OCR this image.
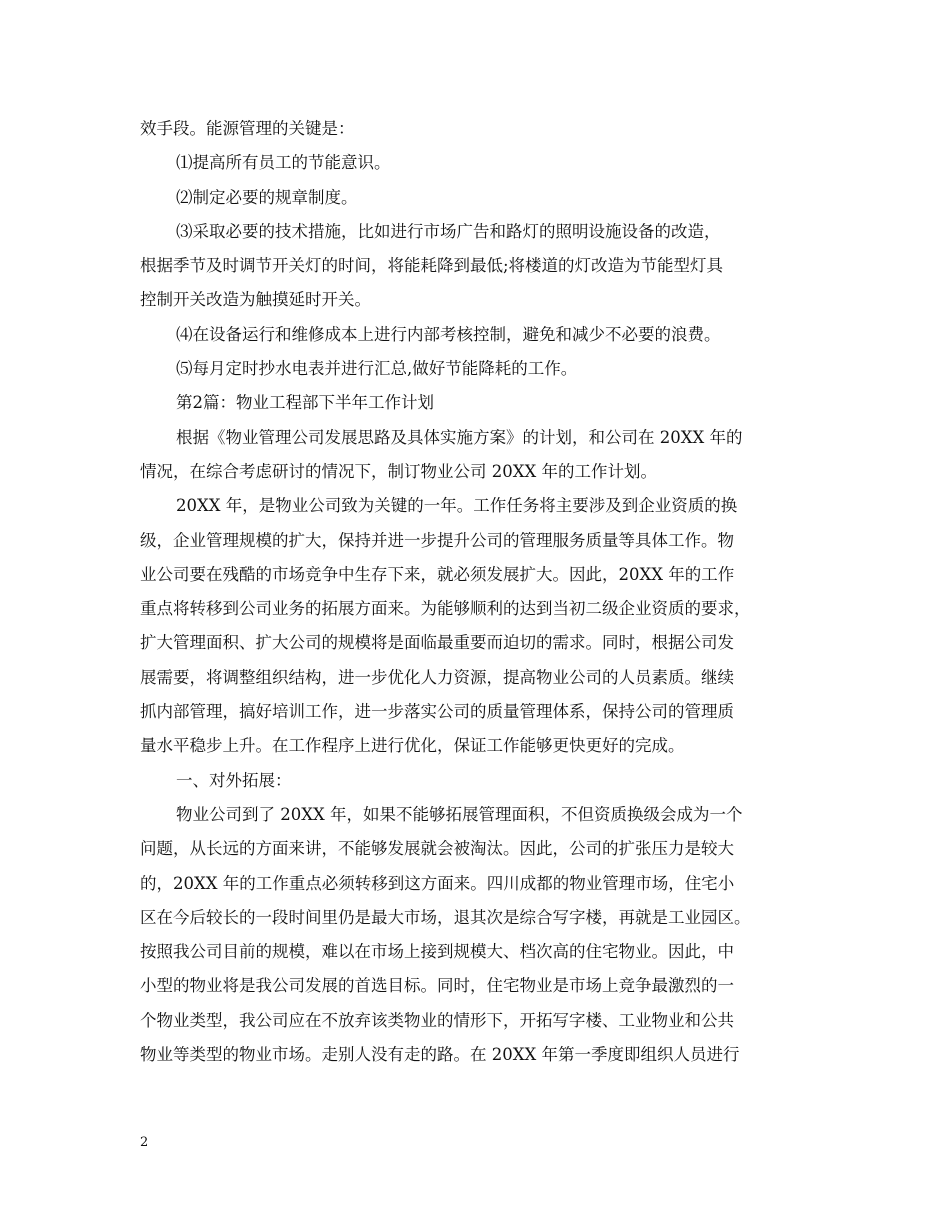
效手段。能源管理的关键是：
⑴提高所有员工的节能意识。
⑵制定必要的规章制度。
⑶采取必要的技术措施，比如进行市场广告和路灯的照明设施设备的改造，
根据季节及时调节开关灯的时间，将能耗降到最低;将楼道的灯改造为节能型灯具
控制开关改造为触摸延时开关。
⑷在设备运行和维修成本上进行内部考核控制，避免和减少不必要的浪费。
⑸每月定时抄水电表并进行汇总,做好节能降耗的工作。
第2篇：物业工程部下半年工作计划
根据《物业管理公司发展思路及具体实施方案》的计划，和公司在 20XX 年的
情况，在综合考虑研讨的情况下，制订物业公司 20XX 年的工作计划。
20XX 年，是物业公司致为关键的一年。工作任务将主要涉及到企业资质的换
级，企业管理规模的扩大，保持并进一步提升公司的管理服务质量等具体工作。物
业公司要在残酷的市场竞争中生存下来，就必须发展扩大。因此，20XX 年的工作
重点将转移到公司业务的拓展方面来。为能够顺利的达到当初二级企业资质的要求，
扩大管理面积、扩大公司的规模将是面临最重要而迫切的需求。同时，根据公司发
展需要，将调整组织结构，进一步优化人力资源，提高物业公司的人员素质。继续
抓内部管理，搞好培训工作，进一步落实公司的质量管理体系，保持公司的管理质
量水平稳步上升。在工作程序上进行优化，保证工作能够更快更好的完成。
一、对外拓展：
物业公司到了 20XX 年，如果不能够拓展管理面积，不但资质换级会成为一个
问题，从长远的方面来讲，不能够发展就会被淘汰。因此，公司的扩张压力是较大
的，20XX 年的工作重点必须转移到这方面来。四川成都的物业管理市场，住宅小
区在今后较长的一段时间里仍是最大市场，退其次是综合写字楼，再就是工业园区。
按照我公司目前的规模，难以在市场上接到规模大、档次高的住宅物业。因此，中
小型的物业将是我公司发展的首选目标。同时，住宅物业是市场上竞争最激烈的一
个物业类型，我公司应在不放弃该类物业的情形下，开拓写字楼、工业物业和公共
物业等类型的物业市场。走别人没有走的路。在 20XX 年第一季度即组织人员进行
2
